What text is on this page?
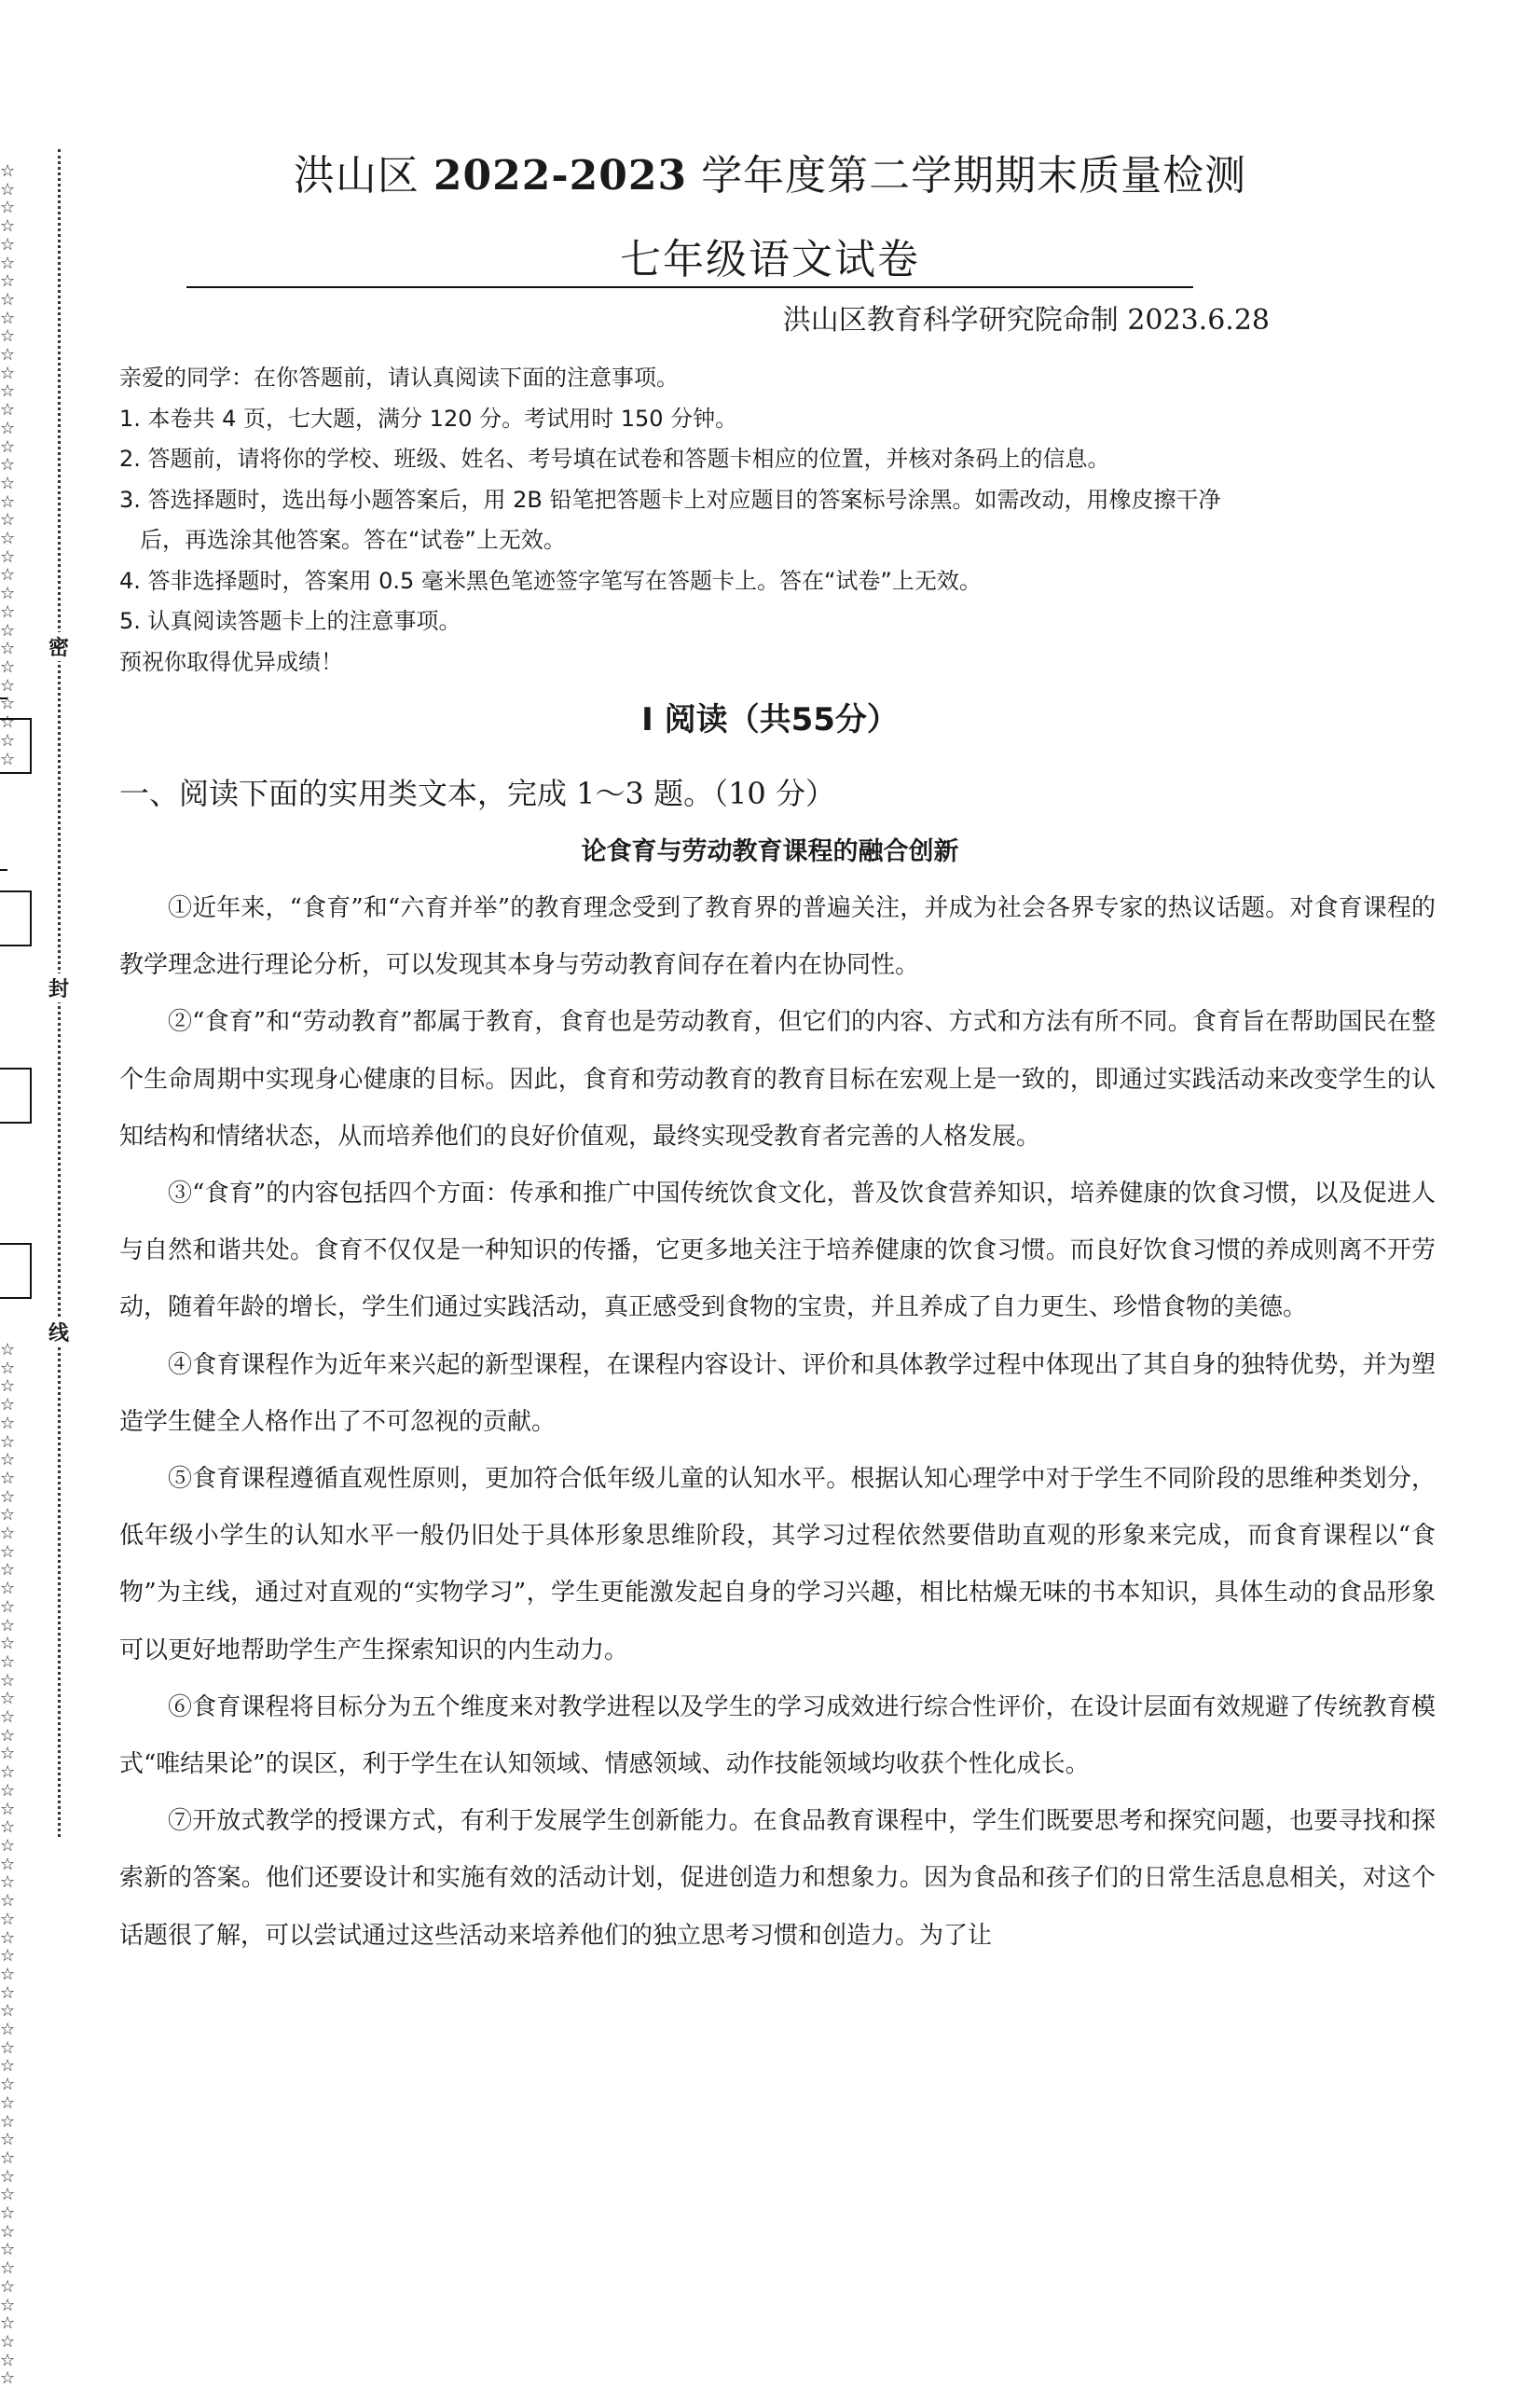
☆
☆
☆
☆
☆
☆
☆
☆
☆
☆
☆
☆
☆
☆
☆
☆
☆
☆
☆
☆
☆
☆
☆
☆
☆
☆
☆
☆
☆
☆
☆
☆
☆
☆
☆
☆
☆
☆
☆
☆
☆
☆
☆
☆
☆
☆
☆
☆
☆
☆
☆
☆
☆
☆
☆
☆
☆
☆
☆
☆
☆
☆
☆
☆
☆
☆
☆
☆
☆
☆
☆
☆
☆
☆
☆
☆
☆
☆
☆
☆
☆
☆
☆
☆
☆
☆
☆
☆
☆
☆
密
封
线
洪山区 2022-2023 学年度第二学期期末质量检测
七年级语文试卷
洪山区教育科学研究院命制 2023.6.28

亲爱的同学：在你答题前，请认真阅读下面的注意事项。

1. 本卷共 4 页，七大题，满分 120 分。考试用时 150 分钟。

2. 答题前，请将你的学校、班级、姓名、考号填在试卷和答题卡相应的位置，并核对条码上的信息。

3. 答选择题时，选出每小题答案后，用 2B 铅笔把答题卡上对应题目的答案标号涂黑。如需改动，用橡皮擦干净

后，再选涂其他答案。答在“试卷”上无效。

4. 答非选择题时，答案用 0.5 毫米黑色笔迹签字笔写在答题卡上。答在“试卷”上无效。

5. 认真阅读答题卡上的注意事项。

预祝你取得优异成绩！

Ⅰ 阅读（共55分）
一、阅读下面的实用类文本，完成 1～3 题。（10 分）
论食育与劳动教育课程的融合创新

①近年来，“食育”和“六育并举”的教育理念受到了教育界的普遍关注，并成为社会各界专家的热议话题。对食育课程的教学理念进行理论分析，可以发现其本身与劳动教育间存在着内在协同性。

②“食育”和“劳动教育”都属于教育，食育也是劳动教育，但它们的内容、方式和方法有所不同。食育旨在帮助国民在整个生命周期中实现身心健康的目标。因此，食育和劳动教育的教育目标在宏观上是一致的，即通过实践活动来改变学生的认知结构和情绪状态，从而培养他们的良好价值观，最终实现受教育者完善的人格发展。

③“食育”的内容包括四个方面：传承和推广中国传统饮食文化，普及饮食营养知识，培养健康的饮食习惯，以及促进人与自然和谐共处。食育不仅仅是一种知识的传播，它更多地关注于培养健康的饮食习惯。而良好饮食习惯的养成则离不开劳动，随着年龄的增长，学生们通过实践活动，真正感受到食物的宝贵，并且养成了自力更生、珍惜食物的美德。

④食育课程作为近年来兴起的新型课程，在课程内容设计、评价和具体教学过程中体现出了其自身的独特优势，并为塑造学生健全人格作出了不可忽视的贡献。

⑤食育课程遵循直观性原则，更加符合低年级儿童的认知水平。根据认知心理学中对于学生不同阶段的思维种类划分，低年级小学生的认知水平一般仍旧处于具体形象思维阶段，其学习过程依然要借助直观的形象来完成，而食育课程以“食物”为主线，通过对直观的“实物学习”，学生更能激发起自身的学习兴趣，相比枯燥无味的书本知识，具体生动的食品形象可以更好地帮助学生产生探索知识的内生动力。

⑥食育课程将目标分为五个维度来对教学进程以及学生的学习成效进行综合性评价，在设计层面有效规避了传统教育模式“唯结果论”的误区，利于学生在认知领域、情感领域、动作技能领域均收获个性化成长。

⑦开放式教学的授课方式，有利于发展学生创新能力。在食品教育课程中，学生们既要思考和探究问题，也要寻找和探索新的答案。他们还要设计和实施有效的活动计划，促进创造力和想象力。因为食品和孩子们的日常生活息息相关，对这个话题很了解，可以尝试通过这些活动来培养他们的独立思考习惯和创造力。为了让
